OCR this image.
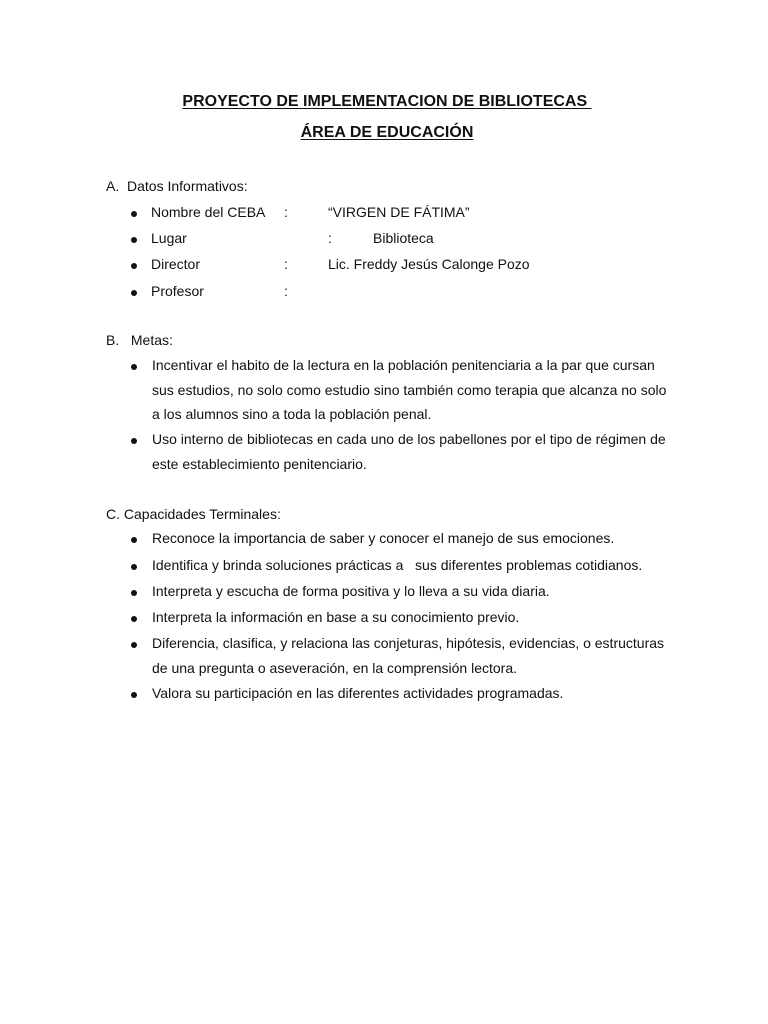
PROYECTO DE IMPLEMENTACION DE BIBLIOTECAS
ÁREA DE EDUCACIÓN
A.  Datos Informativos:
Nombre del CEBA :	“VIRGEN DE FÁTIMA”
Lugar	:	Biblioteca
Director	:	Lic. Freddy Jesús Calonge Pozo
Profesor	:
B.   Metas:
Incentivar el habito de la lectura en la población penitenciaria a la par que cursan
sus estudios, no solo como estudio sino también como terapia que alcanza no solo
a los alumnos sino a toda la población penal.
Uso interno de bibliotecas en cada uno de los pabellones por el tipo de régimen de
este establecimiento penitenciario.
C. Capacidades Terminales:
Reconoce la importancia de saber y conocer el manejo de sus emociones.
Identifica y brinda soluciones prácticas a   sus diferentes problemas cotidianos.
Interpreta y escucha de forma positiva y lo lleva a su vida diaria.
Interpreta la información en base a su conocimiento previo.
Diferencia, clasifica, y relaciona las conjeturas, hipótesis, evidencias, o estructuras
de una pregunta o aseveración, en la comprensión lectora.
Valora su participación en las diferentes actividades programadas.
